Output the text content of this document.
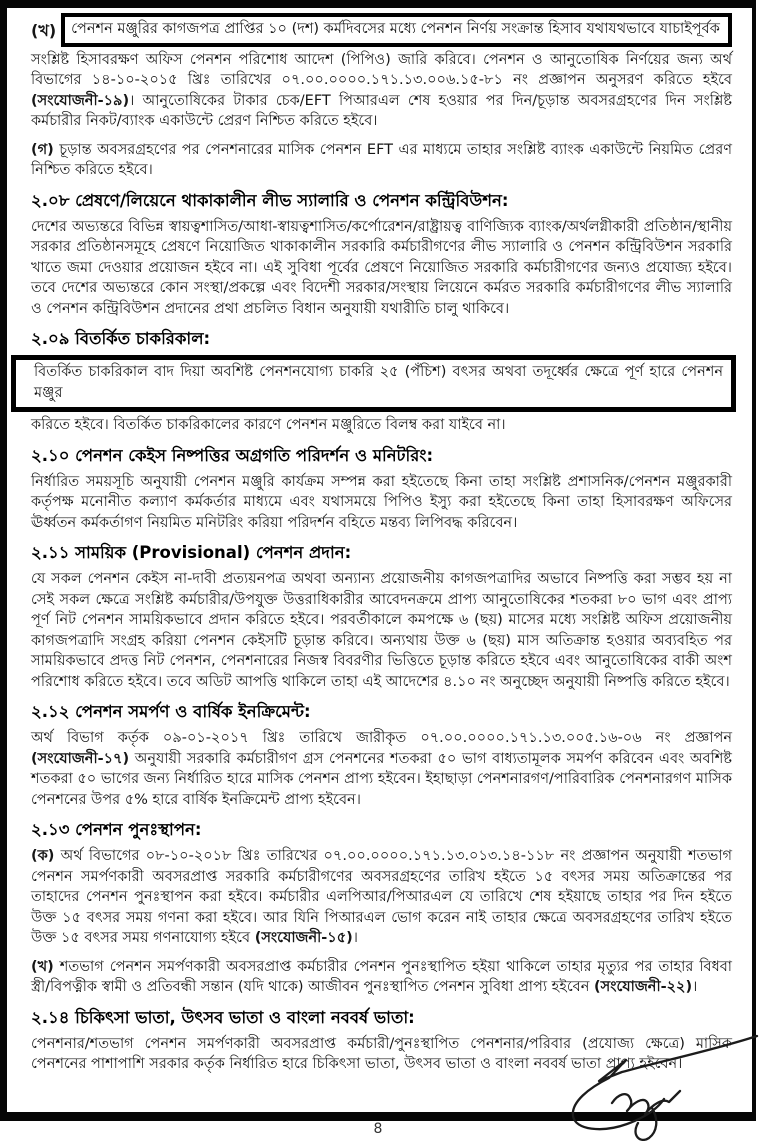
(খ)	পেনশন মঞ্জুরির কাগজপত্র প্রাপ্তির ১০ (দশ) কর্মদিবসের মধ্যে পেনশন নির্ণয় সংক্রান্ত হিসাব যথাযথভাবে যাচাইপূর্বক
সংশ্লিষ্ট হিসাবরক্ষণ অফিস পেনশন পরিশোধ আদেশ (পিপিও) জারি করিবে। পেনশন ও আনুতোষিক নির্ণয়ের জন্য অর্থ বিভাগের ১৪-১০-২০১৫ খ্রিঃ তারিখের ০৭.০০.০০০০.১৭১.১৩.০০৬.১৫-৮১ নং প্রজ্ঞাপন অনুসরণ করিতে হইবে (সংযোজনী-১৯)। আনুতোষিকের টাকার চেক/EFT পিআরএল শেষ হওয়ার পর দিন/চূড়ান্ত অবসরগ্রহণের দিন সংশ্লিষ্ট কর্মচারীর নিকট/ব্যাংক একাউন্টে প্রেরণ নিশ্চিত করিতে হইবে।
(গ) চূড়ান্ত অবসরগ্রহণের পর পেনশনারের মাসিক পেনশন EFT এর মাধ্যমে তাহার সংশ্লিষ্ট ব্যাংক একাউন্টে নিয়মিত প্রেরণ নিশ্চিত করিতে হইবে।
২.০৮ প্রেষণে/লিয়েনে থাকাকালীন লীভ স্যালারি ও পেনশন কন্ট্রিবিউশন:
দেশের অভ্যন্তরে বিভিন্ন স্বায়ত্বশাসিত/আধা-স্বায়ত্বশাসিত/কর্পোরেশন/রাষ্ট্রায়ত্ব বাণিজ্যিক ব্যাংক/অর্থলগ্নীকারী প্রতিষ্ঠান/স্থানীয় সরকার প্রতিষ্ঠানসমূহে প্রেষণে নিয়োজিত থাকাকালীন সরকারি কর্মচারীগণের লীভ স্যালারি ও পেনশন কন্ট্রিবিউশন সরকারি খাতে জমা দেওয়ার প্রয়োজন হইবে না। এই সুবিধা পূর্বের প্রেষণে নিয়োজিত সরকারি কর্মচারীগণের জন্যও প্রযোজ্য হইবে। তবে দেশের অভ্যন্তরে কোন সংস্থা/প্রকল্পে এবং বিদেশী সরকার/সংস্থায় লিয়েনে কর্মরত সরকারি কর্মচারীগণের লীভ স্যালারি ও পেনশন কন্ট্রিবিউশন প্রদানের প্রথা প্রচলিত বিধান অনুযায়ী যথারীতি চালু থাকিবে।
২.০৯ বিতর্কিত চাকরিকাল:
বিতর্কিত চাকরিকাল বাদ দিয়া অবশিষ্ট পেনশনযোগ্য চাকরি ২৫ (পঁচিশ) বৎসর অথবা তদূর্ধ্বের ক্ষেত্রে পূর্ণ হারে পেনশন মঞ্জুর
করিতে হইবে। বিতর্কিত চাকরিকালের কারণে পেনশন মঞ্জুরিতে বিলম্ব করা যাইবে না।
২.১০ পেনশন কেইস নিষ্পত্তির অগ্রগতি পরিদর্শন ও মনিটরিং:
নির্ধারিত সময়সূচি অনুযায়ী পেনশন মঞ্জুরি কার্যক্রম সম্পন্ন করা হইতেছে কিনা তাহা সংশ্লিষ্ট প্রশাসনিক/পেনশন মঞ্জুরকারী কর্তৃপক্ষ মনোনীত কল্যাণ কর্মকর্তার মাধ্যমে এবং যথাসময়ে পিপিও ইস্যু করা হইতেছে কিনা তাহা হিসাবরক্ষণ অফিসের ঊর্ধ্বতন কর্মকর্তাগণ নিয়মিত মনিটরিং করিয়া পরিদর্শন বহিতে মন্তব্য লিপিবদ্ধ করিবেন।
২.১১ সাময়িক (Provisional) পেনশন প্রদান:
যে সকল পেনশন কেইস না-দাবী প্রত্যয়নপত্র অথবা অন্যান্য প্রয়োজনীয় কাগজপত্রাদির অভাবে নিষ্পত্তি করা সম্ভব হয় না সেই সকল ক্ষেত্রে সংশ্লিষ্ট কর্মচারীর/উপযুক্ত উত্তরাধিকারীর আবেদনক্রমে প্রাপ্য আনুতোষিকের শতকরা ৮০ ভাগ এবং প্রাপ্য পূর্ণ নিট পেনশন সাময়িকভাবে প্রদান করিতে হইবে। পরবর্তীকালে কমপক্ষে ৬ (ছয়) মাসের মধ্যে সংশ্লিষ্ট অফিস প্রয়োজনীয় কাগজপত্রাদি সংগ্রহ করিয়া পেনশন কেইসটি চূড়ান্ত করিবে। অন্যথায় উক্ত ৬ (ছয়) মাস অতিক্রান্ত হওয়ার অব্যবহিত পর সাময়িকভাবে প্রদত্ত নিট পেনশন, পেনশনারের নিজস্ব বিবরণীর ভিত্তিতে চূড়ান্ত করিতে হইবে এবং আনুতোষিকের বাকী অংশ পরিশোধ করিতে হইবে। তবে অডিট আপত্তি থাকিলে তাহা এই আদেশের ৪.১০ নং অনুচ্ছেদ অনুযায়ী নিষ্পত্তি করিতে হইবে।
২.১২ পেনশন সমর্পণ ও বার্ষিক ইনক্রিমেন্ট:
অর্থ বিভাগ কর্তৃক ০৯-০১-২০১৭ খ্রিঃ তারিখে জারীকৃত ০৭.০০.০০০০.১৭১.১৩.০০৫.১৬-০৬ নং প্রজ্ঞাপন (সংযোজনী-১৭) অনুযায়ী সরকারি কর্মচারীগণ গ্রস পেনশনের শতকরা ৫০ ভাগ বাধ্যতামূলক সমর্পণ করিবেন এবং অবশিষ্ট শতকরা ৫০ ভাগের জন্য নির্ধারিত হারে মাসিক পেনশন প্রাপ্য হইবেন। ইহাছাড়া পেনশনারগণ/পারিবারিক পেনশনারগণ মাসিক পেনশনের উপর ৫% হারে বার্ষিক ইনক্রিমেন্ট প্রাপ্য হইবেন।
২.১৩ পেনশন পুনঃস্থাপন:
(ক) অর্থ বিভাগের ০৮-১০-২০১৮ খ্রিঃ তারিখের ০৭.০০.০০০০.১৭১.১৩.০১৩.১৪-১১৮ নং প্রজ্ঞাপন অনুযায়ী শতভাগ পেনশন সমর্পণকারী অবসরপ্রাপ্ত সরকারি কর্মচারীগণের অবসরগ্রহণের তারিখ হইতে ১৫ বৎসর সময় অতিক্রান্তের পর তাহাদের পেনশন পুনঃস্থাপন করা হইবে। কর্মচারীর এলপিআর/পিআরএল যে তারিখে শেষ হইয়াছে তাহার পর দিন হইতে উক্ত ১৫ বৎসর সময় গণনা করা হইবে। আর যিনি পিআরএল ভোগ করেন নাই তাহার ক্ষেত্রে অবসরগ্রহণের তারিখ হইতে উক্ত ১৫ বৎসর সময় গণনাযোগ্য হইবে (সংযোজনী-১৫)।
(খ) শতভাগ পেনশন সমর্পণকারী অবসরপ্রাপ্ত কর্মচারীর পেনশন পুনঃস্থাপিত হইয়া থাকিলে তাহার মৃত্যুর পর তাহার বিধবা স্ত্রী/বিপত্নীক স্বামী ও প্রতিবন্ধী সন্তান (যদি থাকে) আজীবন পুনঃস্থাপিত পেনশন সুবিধা প্রাপ্য হইবেন (সংযোজনী-২২)।
২.১৪ চিকিৎসা ভাতা, উৎসব ভাতা ও বাংলা নববর্ষ ভাতা:
পেনশনার/শতভাগ পেনশন সমর্পণকারী অবসরপ্রাপ্ত কর্মচারী/পুনঃস্থাপিত পেনশনার/পরিবার (প্রযোজ্য ক্ষেত্রে) মাসিক পেনশনের পাশাপাশি সরকার কর্তৃক নির্ধারিত হারে চিকিৎসা ভাতা, উৎসব ভাতা ও বাংলা নববর্ষ ভাতা প্রাপ্য হইবেন।
8
